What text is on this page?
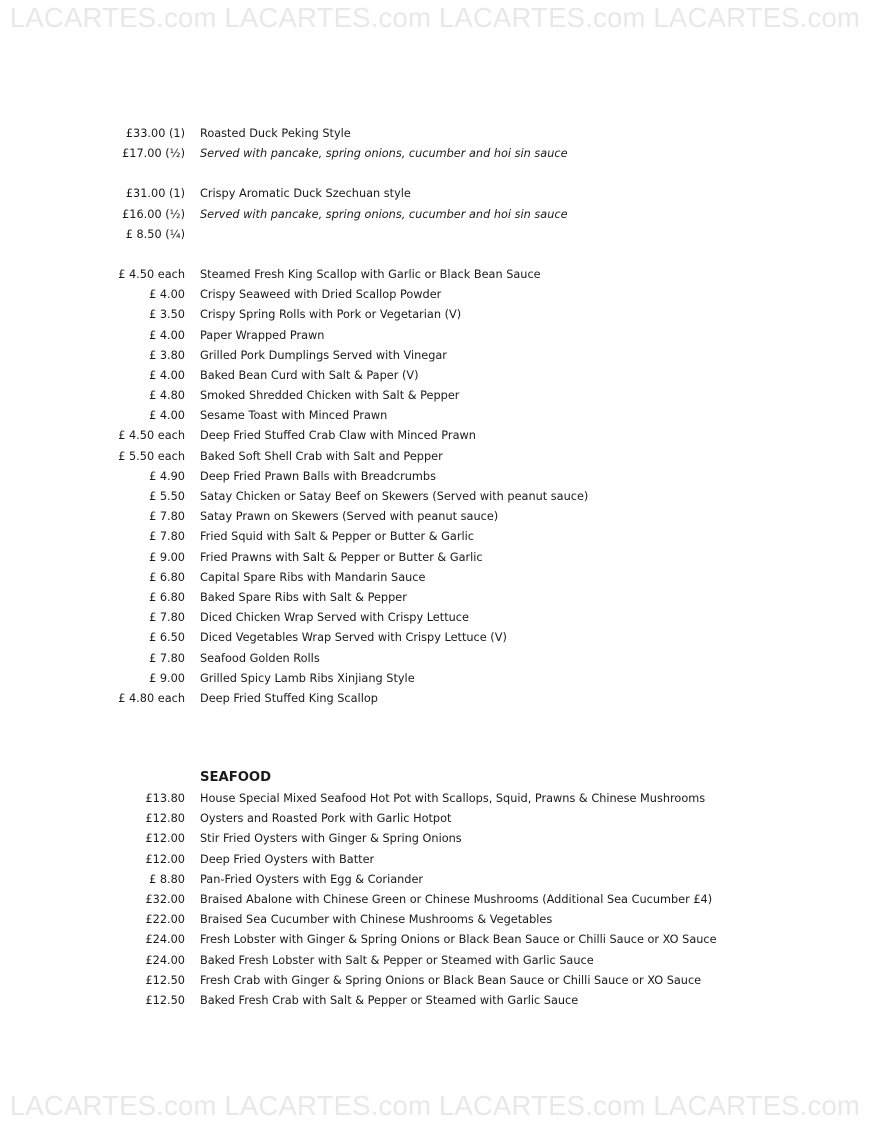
LACARTES.com LACARTES.com LACARTES.com LACARTES.com
£33.00 (1) Roasted Duck Peking Style
£17.00 (½) Served with pancake, spring onions, cucumber and hoi sin sauce
£31.00 (1) Crispy Aromatic Duck Szechuan style
£16.00 (½) Served with pancake, spring onions, cucumber and hoi sin sauce
£ 8.50 (¼)
£ 4.50 each Steamed Fresh King Scallop with Garlic or Black Bean Sauce
£ 4.00 Crispy Seaweed with Dried Scallop Powder
£ 3.50 Crispy Spring Rolls with Pork or Vegetarian (V)
£ 4.00 Paper Wrapped Prawn
£ 3.80 Grilled Pork Dumplings Served with Vinegar
£ 4.00 Baked Bean Curd with Salt & Paper (V)
£ 4.80 Smoked Shredded Chicken with Salt & Pepper
£ 4.00 Sesame Toast with Minced Prawn
£ 4.50 each Deep Fried Stuffed Crab Claw with Minced Prawn
£ 5.50 each Baked Soft Shell Crab with Salt and Pepper
£ 4.90 Deep Fried Prawn Balls with Breadcrumbs
£ 5.50 Satay Chicken or Satay Beef on Skewers (Served with peanut sauce)
£ 7.80 Satay Prawn on Skewers (Served with peanut sauce)
£ 7.80 Fried Squid with Salt & Pepper or Butter & Garlic
£ 9.00 Fried Prawns with Salt & Pepper or Butter & Garlic
£ 6.80 Capital Spare Ribs with Mandarin Sauce
£ 6.80 Baked Spare Ribs with Salt & Pepper
£ 7.80 Diced Chicken Wrap Served with Crispy Lettuce
£ 6.50 Diced Vegetables Wrap Served with Crispy Lettuce (V)
£ 7.80 Seafood Golden Rolls
£ 9.00 Grilled Spicy Lamb Ribs Xinjiang Style
£ 4.80 each Deep Fried Stuffed King Scallop
SEAFOOD
£13.80 House Special Mixed Seafood Hot Pot with Scallops, Squid, Prawns & Chinese Mushrooms
£12.80 Oysters and Roasted Pork with Garlic Hotpot
£12.00 Stir Fried Oysters with Ginger & Spring Onions
£12.00 Deep Fried Oysters with Batter
£ 8.80 Pan-Fried Oysters with Egg & Coriander
£32.00 Braised Abalone with Chinese Green or Chinese Mushrooms (Additional Sea Cucumber £4)
£22.00 Braised Sea Cucumber with Chinese Mushrooms & Vegetables
£24.00 Fresh Lobster with Ginger & Spring Onions or Black Bean Sauce or Chilli Sauce or XO Sauce
£24.00 Baked Fresh Lobster with Salt & Pepper or Steamed with Garlic Sauce
£12.50 Fresh Crab with Ginger & Spring Onions or Black Bean Sauce or Chilli Sauce or XO Sauce
£12.50 Baked Fresh Crab with Salt & Pepper or Steamed with Garlic Sauce
LACARTES.com LACARTES.com LACARTES.com LACARTES.com
